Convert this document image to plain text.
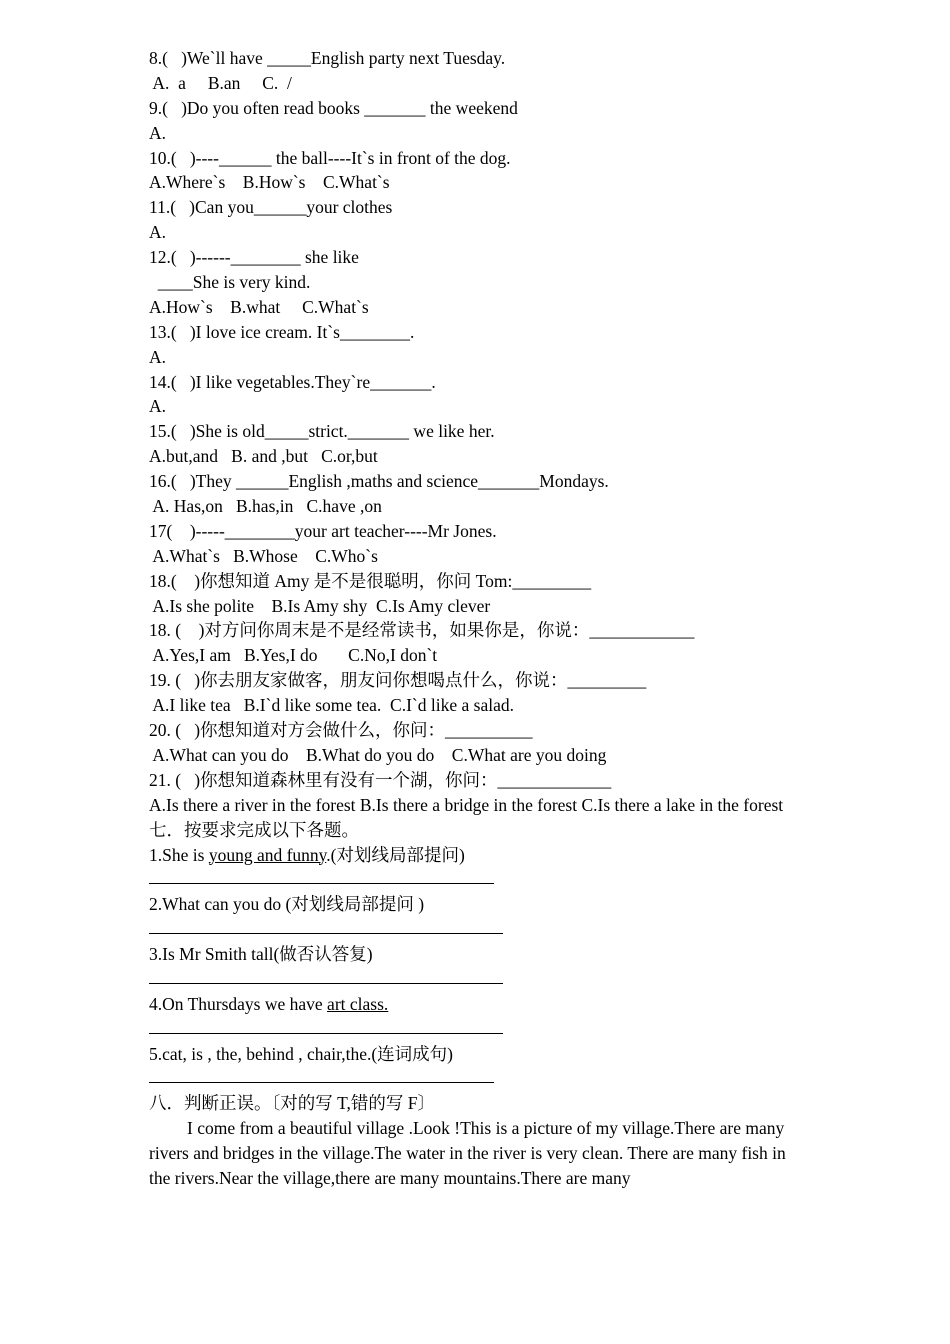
8.(   )We`ll have _____English party next Tuesday.
A.  a     B.an     C.  /
9.(   )Do you often read books _______ the weekend
A.
10.(   )----______ the ball----It`s in front of the dog.
A.Where`s    B.How`s    C.What`s
11.(   )Can you______your clothes
A.
12.(   )------________ she like
____She is very kind.
A.How`s    B.what     C.What`s
13.(   )I love ice cream. It`s________.
A.
14.(   )I like vegetables.They`re_______.
A.
15.(   )She is old_____strict._______ we like her.
A.but,and   B. and ,but   C.or,but
16.(   )They ______English ,maths and science_______Mondays.
A. Has,on   B.has,in   C.have ,on
17(    )-----________your art teacher----Mr Jones.
A.What`s   B.Whose    C.Who`s
18.(    )你想知道 Amy 是不是很聪明，你问 Tom:_________
A.Is she polite    B.Is Amy shy  C.Is Amy clever
18. (    )对方问你周末是不是经常读书，如果你是，你说：____________
A.Yes,I am   B.Yes,I do       C.No,I don`t
19. (   )你去朋友家做客，朋友问你想喝点什么，你说：_________
A.I like tea   B.I`d like some tea.  C.I`d like a salad.
20. (   )你想知道对方会做什么，你问：__________
A.What can you do    B.What do you do    C.What are you doing
21. (   )你想知道森林里有没有一个湖，你问：_____________
A.Is there a river in the forest B.Is there a bridge in the forest C.Is there a lake in the forest
七．按要求完成以下各题。
1.She is young and funny.(对划线局部提问)
2.What can you do (对划线局部提问 )
3.Is Mr Smith tall(做否认答复)
4.On Thursdays we have art class.
5.cat, is , the, behind , chair,the.(连词成句)
八．判断正误。〔对的写 T,错的写 F〕
I come from a beautiful village .Look !This is a picture of my village.There are many rivers and bridges in the village.The water in the river is very clean. There are many fish in the rivers.Near the village,there are many mountains.There are many
